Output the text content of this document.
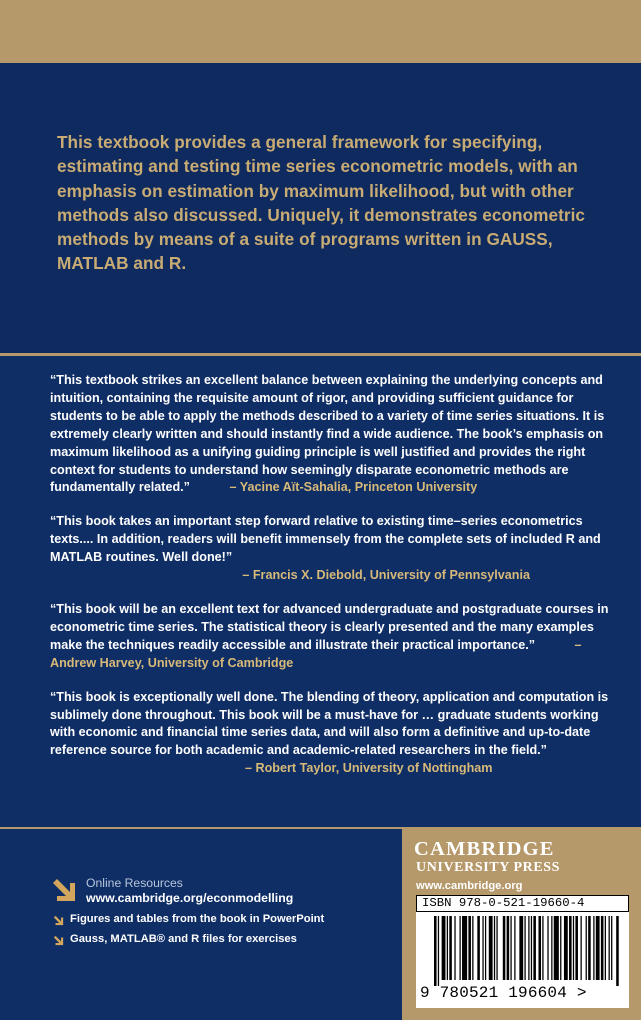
This textbook provides a general framework for specifying, estimating and testing time series econometric models, with an emphasis on estimation by maximum likelihood, but with other methods also discussed. Uniquely, it demonstrates econometric methods by means of a suite of programs written in GAUSS, MATLAB and R.

“This textbook strikes an excellent balance between explaining the underlying concepts and intuition, containing the requisite amount of rigor, and providing sufficient guidance for students to be able to apply the methods described to a variety of time series situations. It is extremely clearly written and should instantly find a wide audience. The book’s emphasis on maximum likelihood as a unifying guiding principle is well justified and provides the right context for students to understand how seemingly disparate econometric methods are fundamentally related.”	– Yacine Aït-Sahalia, Princeton University
“This book takes an important step forward relative to existing time–series econometrics texts.... In addition, readers will benefit immensely from the complete sets of included R and MATLAB routines. Well done!”
– Francis X. Diebold, University of Pennsylvania
“This book will be an excellent text for advanced undergraduate and postgraduate courses in econometric time series. The statistical theory is clearly presented and the many examples make the techniques readily accessible and illustrate their practical importance.”	– Andrew Harvey, University of Cambridge
“This book is exceptionally well done. The blending of theory, application and computation is sublimely done throughout. This book will be a must-have for … graduate students working with economic and financial time series data, and will also form a definitive and up-to-date reference source for both academic and academic-related researchers in the field.”
– Robert Taylor, University of Nottingham
Online Resources
www.cambridge.org/econmodelling
Figures and tables from the book in PowerPoint
Gauss, MATLAB® and R files for exercises
CAMBRIDGE
UNIVERSITY PRESS
www.cambridge.org
ISBN 978-0-521-19660-4
9 780521 196604 >
